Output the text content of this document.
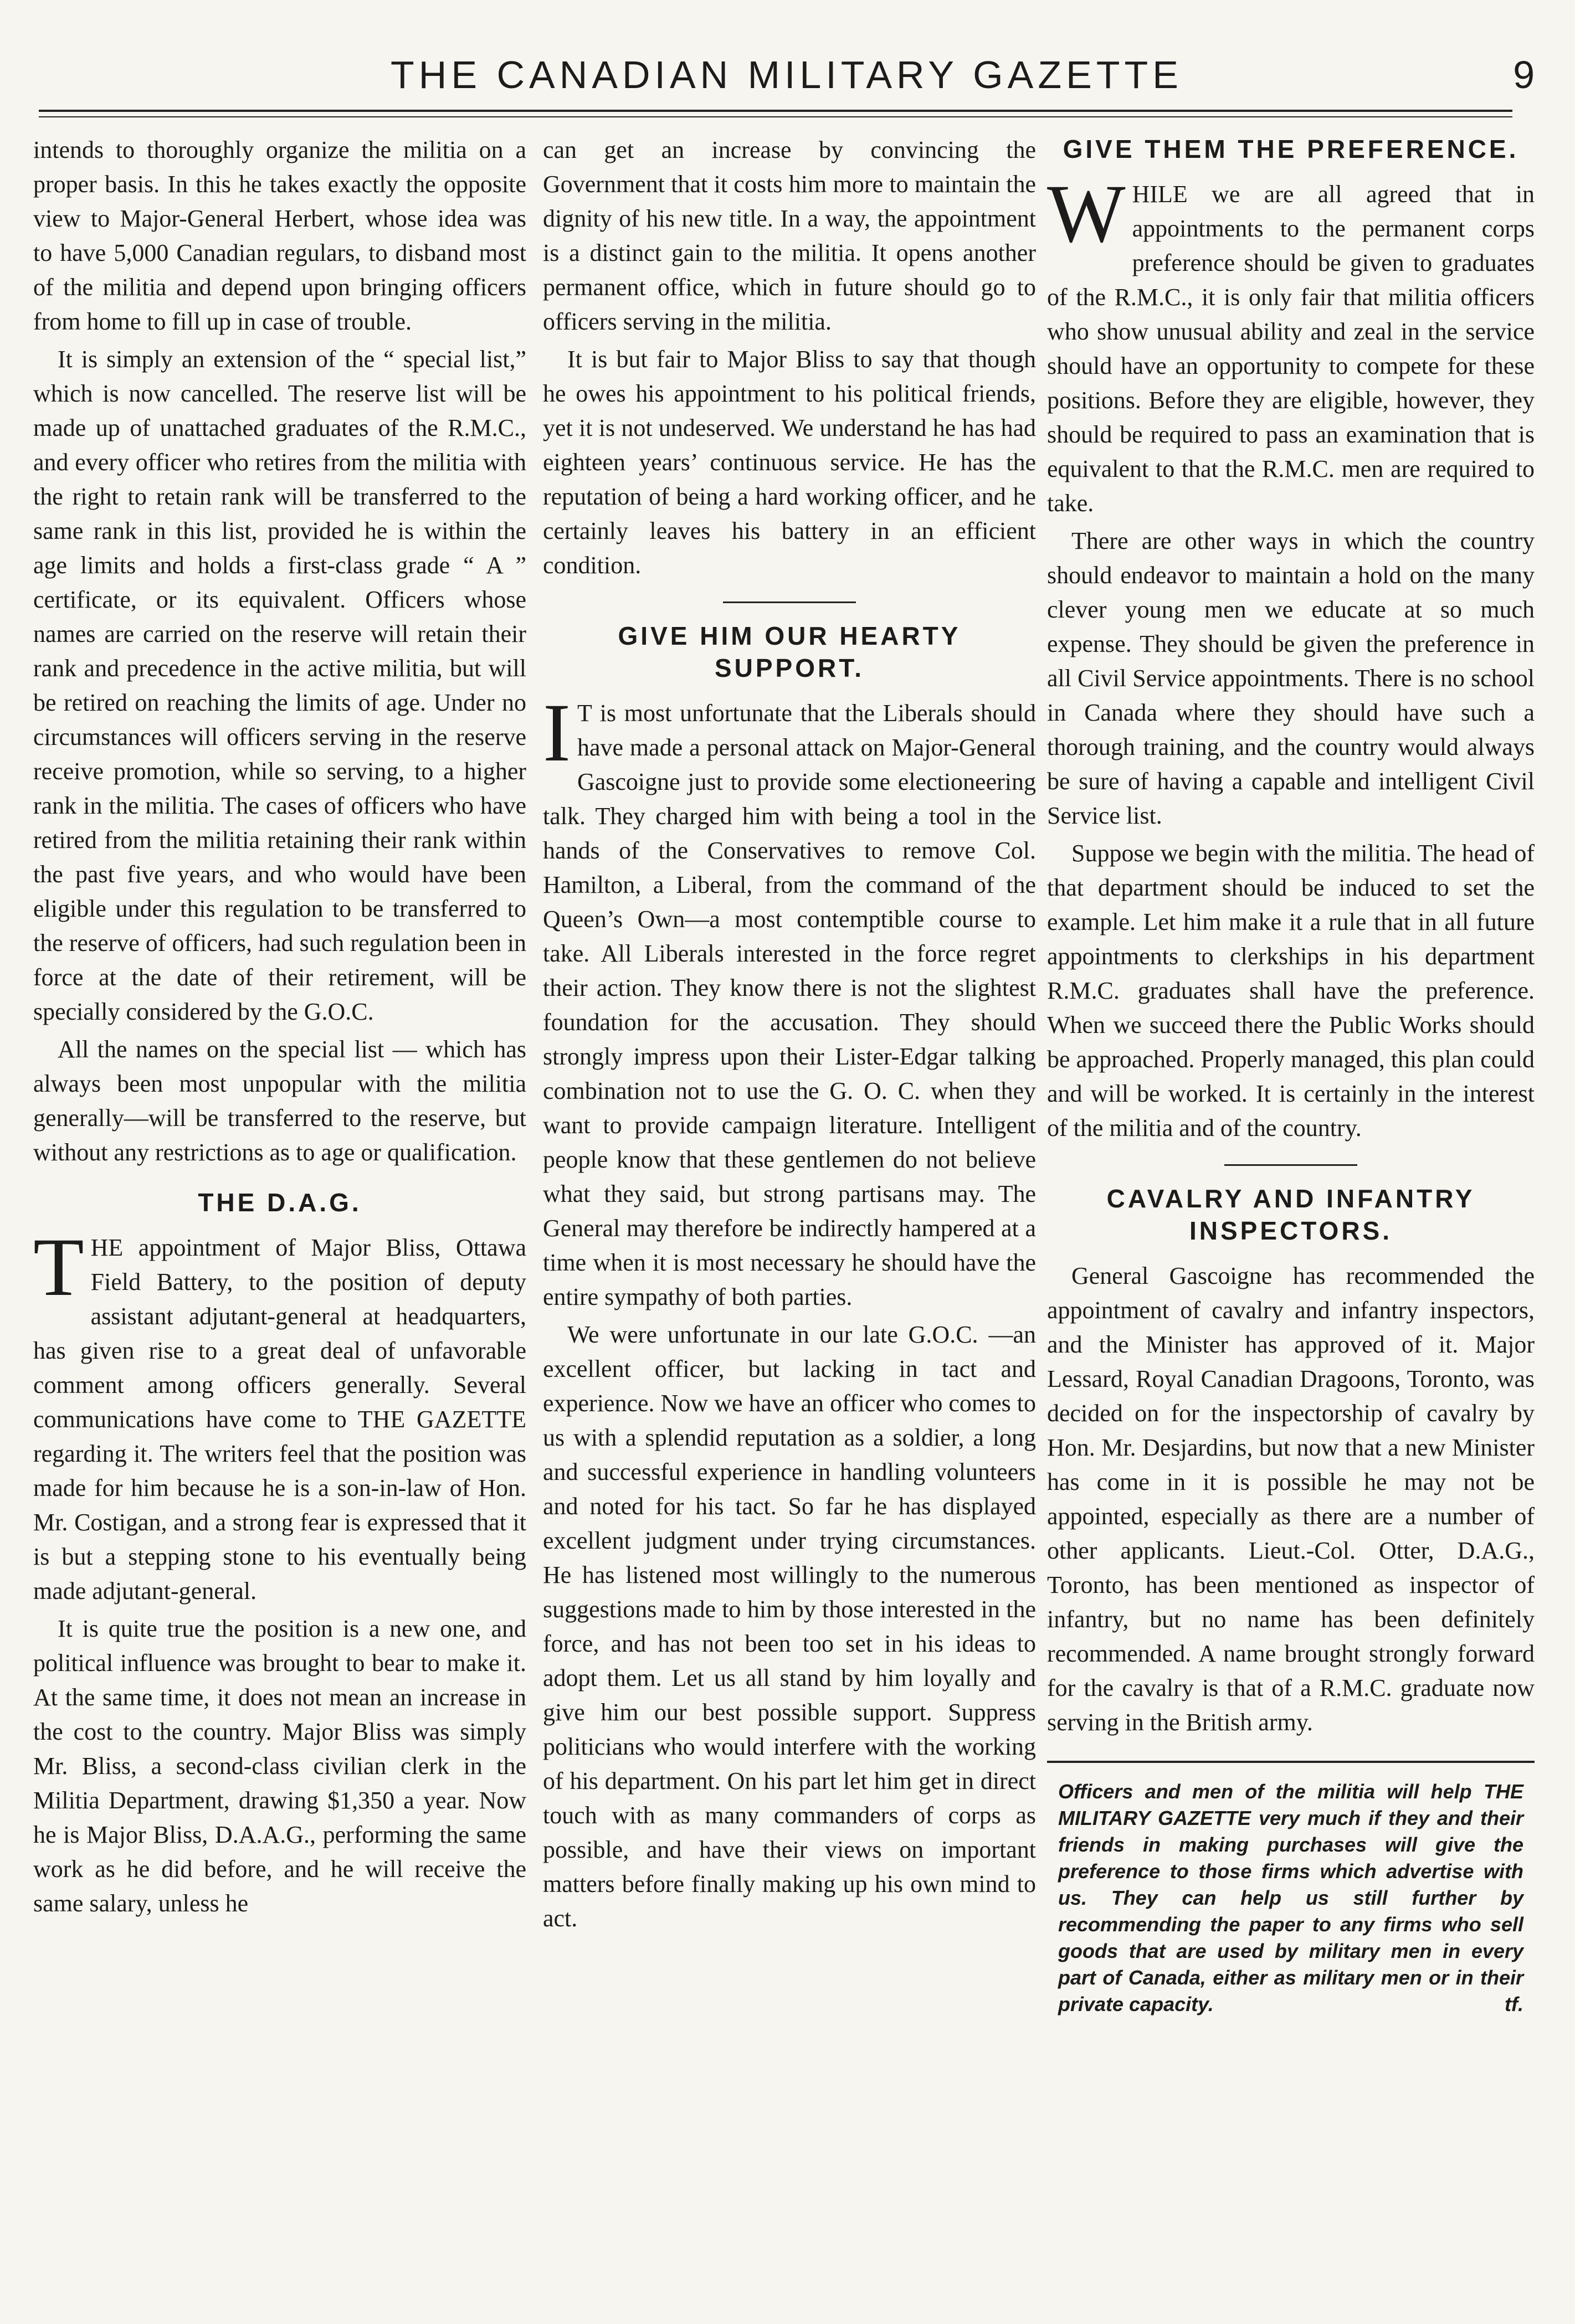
THE CANADIAN MILITARY GAZETTE	9

intends to thoroughly organize the militia on a proper basis. In this he takes exactly the opposite view to Major-General Herbert, whose idea was to have 5,000 Canadian regulars, to disband most of the militia and depend upon bringing officers from home to fill up in case of trouble.

It is simply an extension of the “ special list,” which is now cancelled. The reserve list will be made up of unattached graduates of the R.M.C., and every officer who retires from the militia with the right to retain rank will be transferred to the same rank in this list, provided he is within the age limits and holds a first-class grade “ A ” certificate, or its equivalent. Officers whose names are carried on the reserve will retain their rank and precedence in the active militia, but will be retired on reaching the limits of age. Under no circumstances will officers serving in the reserve receive promotion, while so serving, to a higher rank in the militia. The cases of officers who have retired from the militia retaining their rank within the past five years, and who would have been eligible under this regulation to be transferred to the reserve of officers, had such regulation been in force at the date of their retirement, will be specially considered by the G.O.C.

All the names on the special list — which has always been most unpopular with the militia generally—will be transferred to the reserve, but without any restrictions as to age or qualification.

THE D.A.G.

THE appointment of Major Bliss, Ottawa Field Battery, to the position of deputy assistant adjutant-general at headquarters, has given rise to a great deal of unfavorable comment among officers generally. Several communications have come to THE GAZETTE regarding it. The writers feel that the position was made for him because he is a son-in-law of Hon. Mr. Costigan, and a strong fear is expressed that it is but a stepping stone to his eventually being made adjutant-general.

It is quite true the position is a new one, and political influence was brought to bear to make it. At the same time, it does not mean an increase in the cost to the country. Major Bliss was simply Mr. Bliss, a second-class civilian clerk in the Militia Department, drawing $1,350 a year. Now he is Major Bliss, D.A.A.G., performing the same work as he did before, and he will receive the same salary, unless he

can get an increase by convincing the Government that it costs him more to maintain the dignity of his new title. In a way, the appointment is a distinct gain to the militia. It opens another permanent office, which in future should go to officers serving in the militia.

It is but fair to Major Bliss to say that though he owes his appointment to his political friends, yet it is not undeserved. We understand he has had eighteen years’ continuous service. He has the reputation of being a hard working officer, and he certainly leaves his battery in an efficient condition.

GIVE HIM OUR HEARTY SUPPORT.

I T is most unfortunate that the Liberals should have made a personal attack on Major-General Gascoigne just to provide some electioneering talk. They charged him with being a tool in the hands of the Conservatives to remove Col. Hamilton, a Liberal, from the command of the Queen’s Own—a most contemptible course to take. All Liberals interested in the force regret their action. They know there is not the slightest foundation for the accusation. They should strongly impress upon their Lister-Edgar talking combination not to use the G. O. C. when they want to provide campaign literature. Intelligent people know that these gentlemen do not believe what they said, but strong partisans may. The General may therefore be indirectly hampered at a time when it is most necessary he should have the entire sympathy of both parties.

We were unfortunate in our late G.O.C. —an excellent officer, but lacking in tact and experience. Now we have an officer who comes to us with a splendid reputation as a soldier, a long and successful experience in handling volunteers and noted for his tact. So far he has displayed excellent judgment under trying circumstances. He has listened most willingly to the numerous suggestions made to him by those interested in the force, and has not been too set in his ideas to adopt them. Let us all stand by him loyally and give him our best possible support. Suppress politicians who would interfere with the working of his department. On his part let him get in direct touch with as many commanders of corps as possible, and have their views on important matters before finally making up his own mind to act.

GIVE THEM THE PREFERENCE.

WHILE we are all agreed that in appointments to the permanent corps preference should be given to graduates of the R.M.C., it is only fair that militia officers who show unusual ability and zeal in the service should have an opportunity to compete for these positions. Before they are eligible, however, they should be required to pass an examination that is equivalent to that the R.M.C. men are required to take.

There are other ways in which the country should endeavor to maintain a hold on the many clever young men we educate at so much expense. They should be given the preference in all Civil Service appointments. There is no school in Canada where they should have such a thorough training, and the country would always be sure of having a capable and intelligent Civil Service list.

Suppose we begin with the militia. The head of that department should be induced to set the example. Let him make it a rule that in all future appointments to clerkships in his department R.M.C. graduates shall have the preference. When we succeed there the Public Works should be approached. Properly managed, this plan could and will be worked. It is certainly in the interest of the militia and of the country.

CAVALRY AND INFANTRY INSPECTORS.

General Gascoigne has recommended the appointment of cavalry and infantry inspectors, and the Minister has approved of it. Major Lessard, Royal Canadian Dragoons, Toronto, was decided on for the inspectorship of cavalry by Hon. Mr. Desjardins, but now that a new Minister has come in it is possible he may not be appointed, especially as there are a number of other applicants. Lieut.-Col. Otter, D.A.G., Toronto, has been mentioned as inspector of infantry, but no name has been definitely recommended. A name brought strongly forward for the cavalry is that of a R.M.C. graduate now serving in the British army.

Officers and men of the militia will help THE MILITARY GAZETTE very much if they and their friends in making purchases will give the preference to those firms which advertise with us. They can help us still further by recommending the paper to any firms who sell goods that are used by military men in every part of Canada, either as military men or in their private capacity.	tf.
